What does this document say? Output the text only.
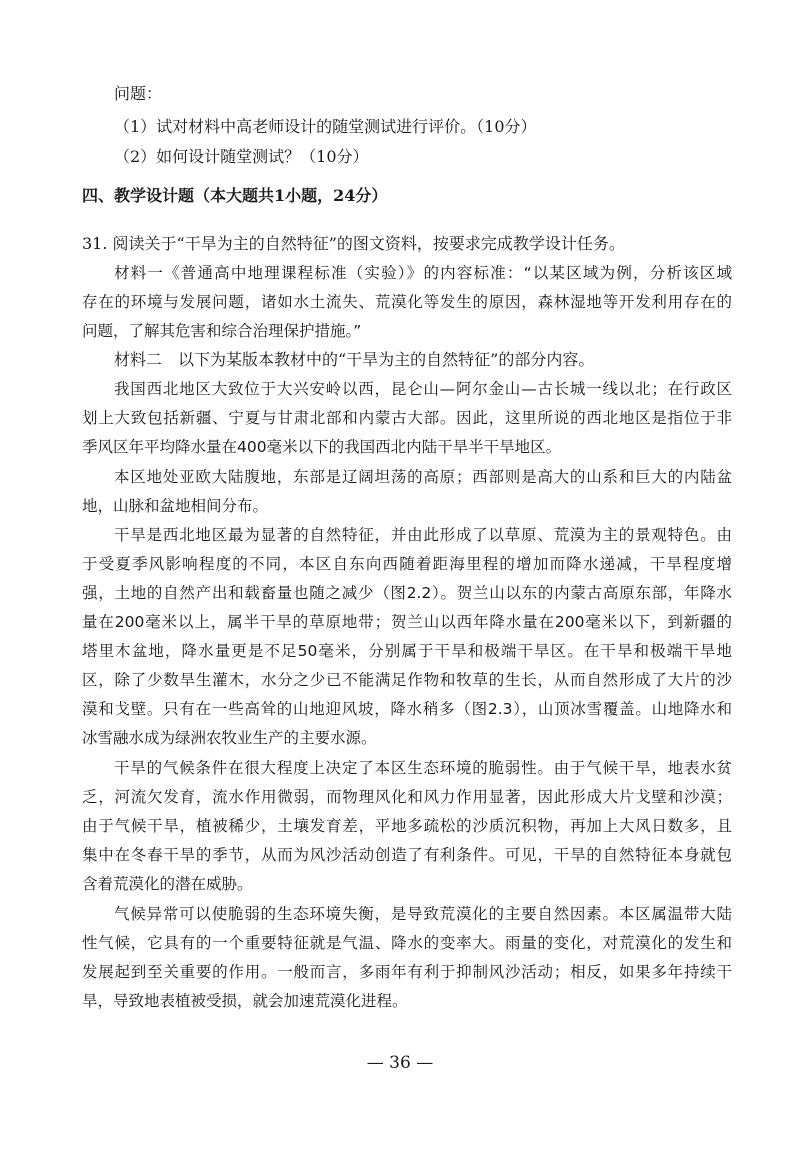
问题：
（1）试对材料中高老师设计的随堂测试进行评价。（10分）
（2）如何设计随堂测试？（10分）
四、教学设计题（本大题共1小题，24分）
31. 阅读关于“干旱为主的自然特征”的图文资料，按要求完成教学设计任务。
材料一《普通高中地理课程标准（实验）》的内容标准：“以某区域为例，分析该区域
存在的环境与发展问题，诸如水土流失、荒漠化等发生的原因，森林湿地等开发利用存在的
问题，了解其危害和综合治理保护措施。”
材料二　以下为某版本教材中的“干旱为主的自然特征”的部分内容。
我国西北地区大致位于大兴安岭以西，昆仑山—阿尔金山—古长城一线以北；在行政区
划上大致包括新疆、宁夏与甘肃北部和内蒙古大部。因此，这里所说的西北地区是指位于非
季风区年平均降水量在400毫米以下的我国西北内陆干旱半干旱地区。
本区地处亚欧大陆腹地，东部是辽阔坦荡的高原；西部则是高大的山系和巨大的内陆盆
地，山脉和盆地相间分布。
干旱是西北地区最为显著的自然特征，并由此形成了以草原、荒漠为主的景观特色。由
于受夏季风影响程度的不同，本区自东向西随着距海里程的增加而降水递减，干旱程度增
强，土地的自然产出和载畜量也随之减少（图2.2）。贺兰山以东的内蒙古高原东部，年降水
量在200毫米以上，属半干旱的草原地带；贺兰山以西年降水量在200毫米以下，到新疆的
塔里木盆地，降水量更是不足50毫米，分别属于干旱和极端干旱区。在干旱和极端干旱地
区，除了少数旱生灌木，水分之少已不能满足作物和牧草的生长，从而自然形成了大片的沙
漠和戈壁。只有在一些高耸的山地迎风坡，降水稍多（图2.3），山顶冰雪覆盖。山地降水和
冰雪融水成为绿洲农牧业生产的主要水源。
干旱的气候条件在很大程度上决定了本区生态环境的脆弱性。由于气候干旱，地表水贫
乏，河流欠发育，流水作用微弱，而物理风化和风力作用显著，因此形成大片戈壁和沙漠；
由于气候干旱，植被稀少，土壤发育差，平地多疏松的沙质沉积物，再加上大风日数多，且
集中在冬春干旱的季节，从而为风沙活动创造了有利条件。可见，干旱的自然特征本身就包
含着荒漠化的潜在威胁。
气候异常可以使脆弱的生态环境失衡，是导致荒漠化的主要自然因素。本区属温带大陆
性气候，它具有的一个重要特征就是气温、降水的变率大。雨量的变化，对荒漠化的发生和
发展起到至关重要的作用。一般而言，多雨年有利于抑制风沙活动；相反，如果多年持续干
旱，导致地表植被受损，就会加速荒漠化进程。
— 36 —
